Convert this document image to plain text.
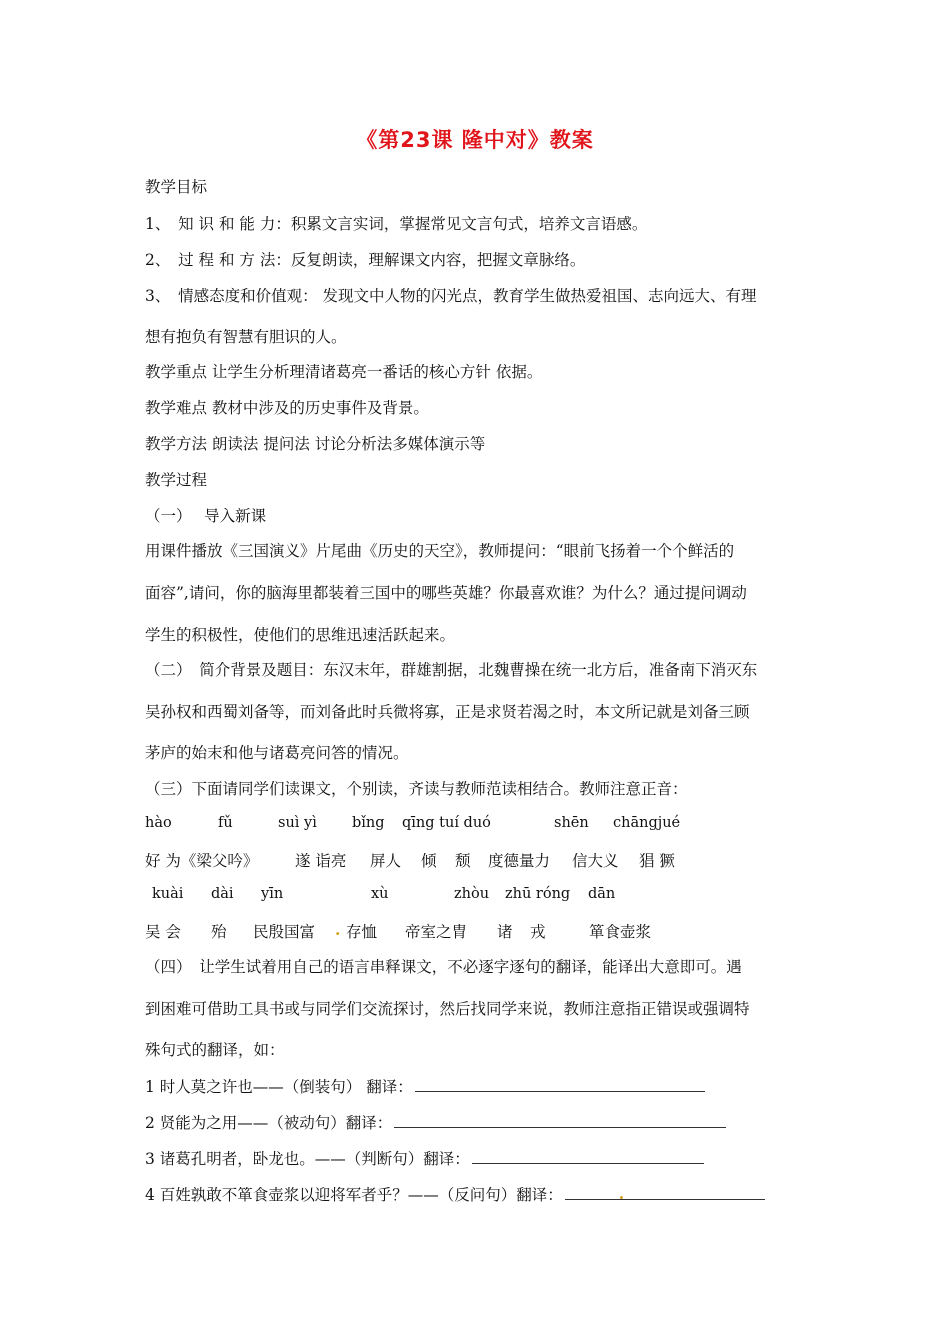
《第23课 隆中对》教案
教学目标
1、　知 识 和 能 力：积累文言实词，掌握常见文言句式，培养文言语感。
2、　过 程 和 方 法：反复朗读，理解课文内容，把握文章脉络。
3、　情感态度和价值观： 发现文中人物的闪光点，教育学生做热爱祖国、志向远大、有理
想有抱负有智慧有胆识的人。
教学重点 让学生分析理清诸葛亮一番话的核心方针 依据。
教学难点 教材中涉及的历史事件及背景。
教学方法 朗读法 提问法 讨论分析法多媒体演示等
教学过程
（一）　 导入新课
用课件播放《三国演义》片尾曲《历史的天空》，教师提问：“眼前飞扬着一个个鲜活的
面容”,请问，你的脑海里都装着三国中的哪些英雄？你最喜欢谁？为什么？通过提问调动
学生的积极性，使他们的思维迅速活跃起来。
（二）　简介背景及题目：东汉末年，群雄割据，北魏曹操在统一北方后，准备南下消灭东
吴孙权和西蜀刘备等，而刘备此时兵微将寡，正是求贤若渴之时，本文所记就是刘备三顾
茅庐的始末和他与诸葛亮问答的情况。
（三）下面请同学们读课文，个别读，齐读与教师范读相结合。教师注意正音：
hào	fǔ	suì yì bǐng qīng tuí duó	shēn chāngjué
好 为《梁父吟》 遂 诣亮 屏人 倾 颓 度德量力 信大义 猖 獗
kuài dài yīn	xù	zhòu zhū róng dān
吴 会 殆 民殷国富 . 存恤 帝室之胄 诸 戎	箪食壶浆
（四）　让学生试着用自己的语言串释课文，不必逐字逐句的翻译，能译出大意即可。遇
到困难可借助工具书或与同学们交流探讨，然后找同学来说，教师注意指正错误或强调特
殊句式的翻译，如：
1 时人莫之许也——（倒装句） 翻译：
2 贤能为之用——（被动句）翻译：
3 诸葛孔明者，卧龙也。——（判断句）翻译：
4 百姓孰敢不箪食壶浆以迎将军者乎？——（反问句）翻译：	.
